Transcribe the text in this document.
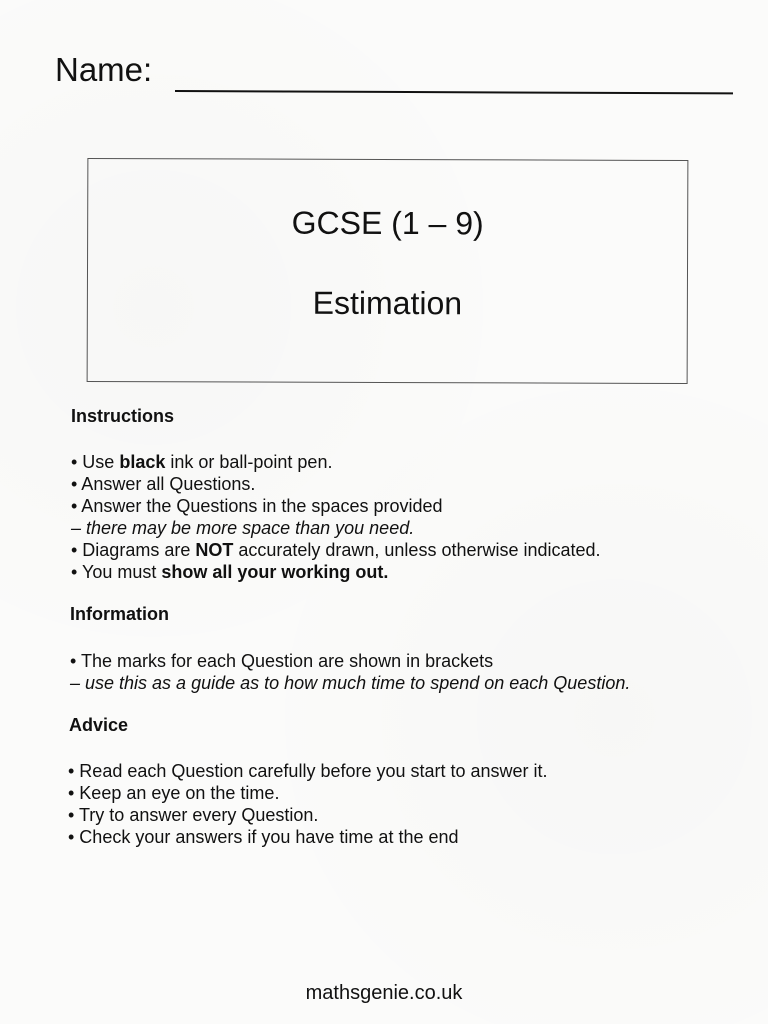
Name:
GCSE (1 – 9)
Estimation
Instructions
• Use black ink or ball-point pen.
• Answer all Questions.
• Answer the Questions in the spaces provided
– there may be more space than you need.
• Diagrams are NOT accurately drawn, unless otherwise indicated.
• You must show all your working out.
Information
• The marks for each Question are shown in brackets
– use this as a guide as to how much time to spend on each Question.
Advice
• Read each Question carefully before you start to answer it.
• Keep an eye on the time.
• Try to answer every Question.
• Check your answers if you have time at the end
mathsgenie.co.uk
